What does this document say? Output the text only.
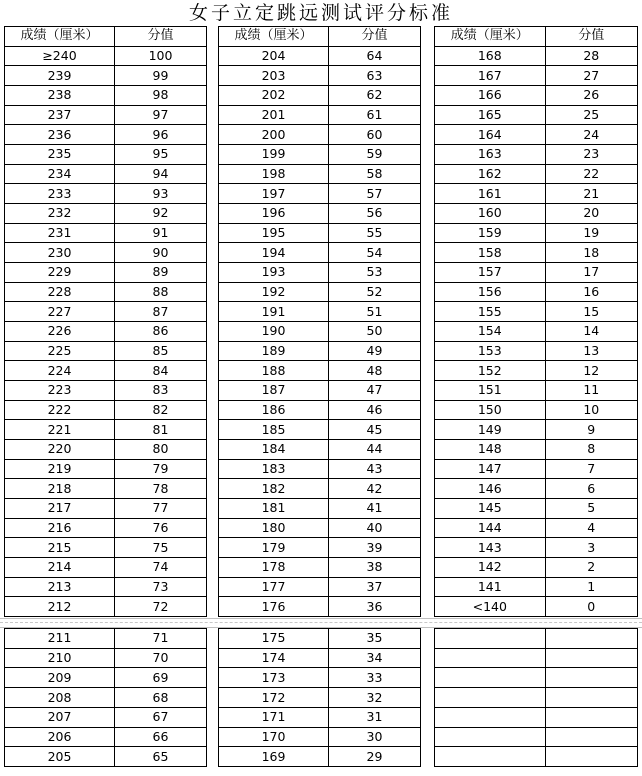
女子立定跳远测试评分标准
成绩（厘米）	分值
≥240	100
239	99
238	98
237	97
236	96
235	95
234	94
233	93
232	92
231	91
230	90
229	89
228	88
227	87
226	86
225	85
224	84
223	83
222	82
221	81
220	80
219	79
218	78
217	77
216	76
215	75
214	74
213	73
212	72
成绩（厘米）	分值
204	64
203	63
202	62
201	61
200	60
199	59
198	58
197	57
196	56
195	55
194	54
193	53
192	52
191	51
190	50
189	49
188	48
187	47
186	46
185	45
184	44
183	43
182	42
181	41
180	40
179	39
178	38
177	37
176	36
成绩（厘米）	分值
168	28
167	27
166	26
165	25
164	24
163	23
162	22
161	21
160	20
159	19
158	18
157	17
156	16
155	15
154	14
153	13
152	12
151	11
150	10
149	9
148	8
147	7
146	6
145	5
144	4
143	3
142	2
141	1
<140	0
211	71
210	70
209	69
208	68
207	67
206	66
205	65
175	35
174	34
173	33
172	32
171	31
170	30
169	29
